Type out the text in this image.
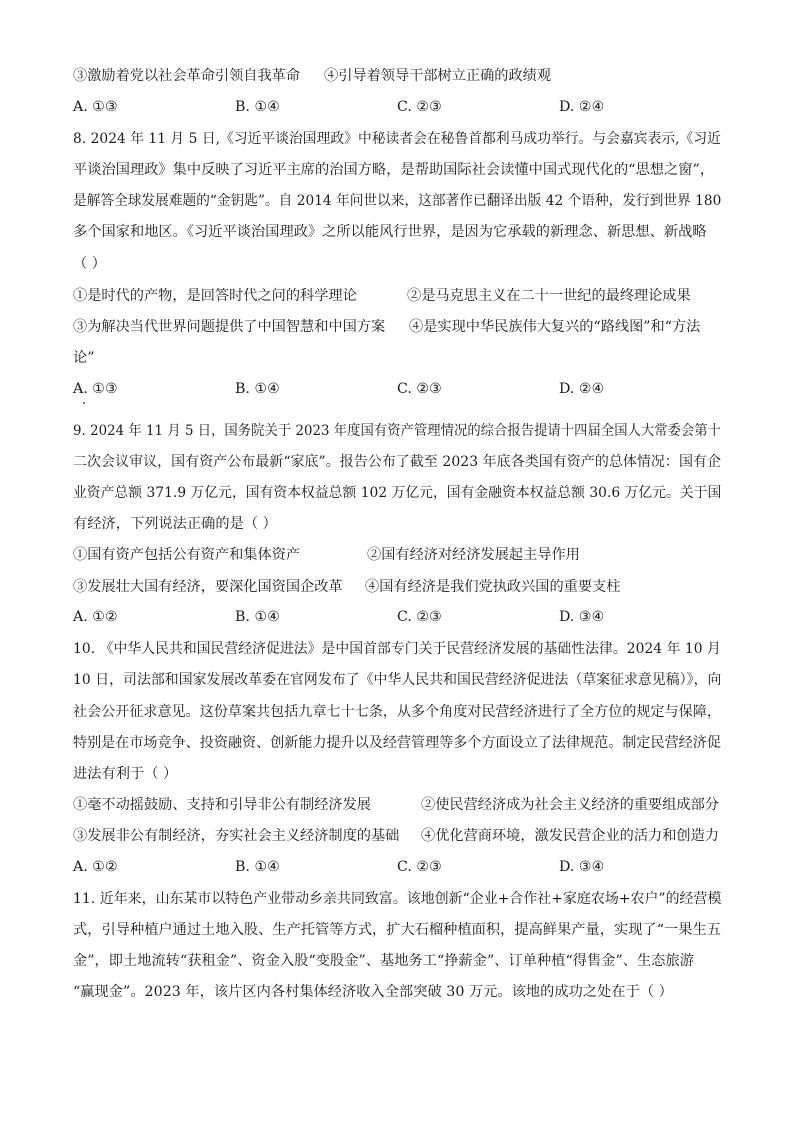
③激励着党以社会革命引领自我革命 ④引导着领导干部树立正确的政绩观
A. ①③	B. ①④	C. ②③	D. ②④
8. 2024 年 11 月 5 日,《习近平谈治国理政》中秘读者会在秘鲁首都利马成功举行。与会嘉宾表示,《习近
平谈治国理政》集中反映了习近平主席的治国方略，是帮助国际社会读懂中国式现代化的“思想之窗”，
是解答全球发展难题的“金钥匙”。自 2014 年问世以来，这部著作已翻译出版 42 个语种，发行到世界 180
多个国家和地区。《习近平谈治国理政》之所以能风行世界，是因为它承载的新理念、新思想、新战略
（ ）
①是时代的产物，是回答时代之问的科学理论	②是马克思主义在二十一世纪的最终理论成果
③为解决当代世界问题提供了中国智慧和中国方案 ④是实现中华民族伟大复兴的“路线图”和“方法
论”
A. ①③	B. ①④	C. ②③	D. ②④
9. 2024 年 11 月 5 日，国务院关于 2023 年度国有资产管理情况的综合报告提请十四届全国人大常委会第十
二次会议审议，国有资产公布最新“家底”。报告公布了截至 2023 年底各类国有资产的总体情况：国有企
业资产总额 371.9 万亿元，国有资本权益总额 102 万亿元，国有金融资本权益总额 30.6 万亿元。关于国
有经济，下列说法正确的是（ ）
①国有资产包括公有资产和集体资产	②国有经济对经济发展起主导作用
③发展壮大国有经济，要深化国资国企改革 ④国有经济是我们党执政兴国的重要支柱
A. ①②	B. ①④	C. ②③	D. ③④
10. 《中华人民共和国民营经济促进法》是中国首部专门关于民营经济发展的基础性法律。2024 年 10 月
10 日，司法部和国家发展改革委在官网发布了《中华人民共和国民营经济促进法（草案征求意见稿）》，向
社会公开征求意见。这份草案共包括九章七十七条，从多个角度对民营经济进行了全方位的规定与保障，
特别是在市场竞争、投资融资、创新能力提升以及经营管理等多个方面设立了法律规范。制定民营经济促
进法有利于（ ）
①毫不动摇鼓励、支持和引导非公有制经济发展	②使民营经济成为社会主义经济的重要组成部分
③发展非公有制经济，夯实社会主义经济制度的基础 ④优化营商环境，激发民营企业的活力和创造力
A. ①②	B. ①④	C. ②③	D. ③④
11. 近年来，山东某市以特色产业带动乡亲共同致富。该地创新“企业+合作社+家庭农场+农户”的经营模
式，引导种植户通过土地入股、生产托管等方式，扩大石榴种植面积，提高鲜果产量，实现了“一果生五
金”，即土地流转“获租金”、资金入股“变股金”、基地务工“挣薪金”、订单种植“得售金”、生态旅游
“赢现金”。2023 年，该片区内各村集体经济收入全部突破 30 万元。该地的成功之处在于（ ）
